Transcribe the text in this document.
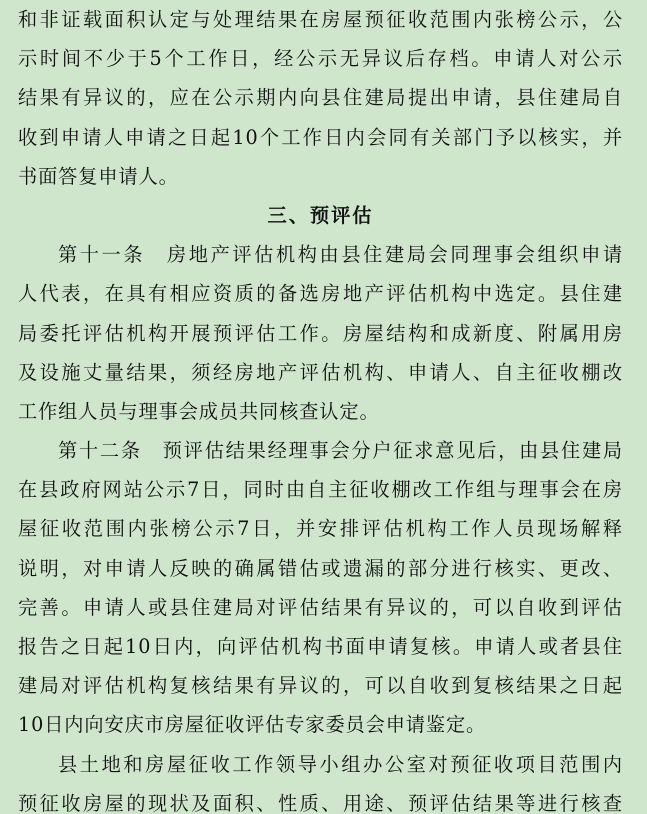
和非证载面积认定与处理结果在房屋预征收范围内张榜公示，公
示时间不少于5个工作日，经公示无异议后存档。申请人对公示
结果有异议的，应在公示期内向县住建局提出申请，县住建局自
收到申请人申请之日起10个工作日内会同有关部门予以核实，并
书面答复申请人。
三、预评估
第十一条　房地产评估机构由县住建局会同理事会组织申请
人代表，在具有相应资质的备选房地产评估机构中选定。县住建
局委托评估机构开展预评估工作。房屋结构和成新度、附属用房
及设施丈量结果，须经房地产评估机构、申请人、自主征收棚改
工作组人员与理事会成员共同核查认定。
第十二条　预评估结果经理事会分户征求意见后，由县住建局
在县政府网站公示7日，同时由自主征收棚改工作组与理事会在房
屋征收范围内张榜公示7日，并安排评估机构工作人员现场解释
说明，对申请人反映的确属错估或遗漏的部分进行核实、更改、
完善。申请人或县住建局对评估结果有异议的，可以自收到评估
报告之日起10日内，向评估机构书面申请复核。申请人或者县住
建局对评估机构复核结果有异议的，可以自收到复核结果之日起
10日内向安庆市房屋征收评估专家委员会申请鉴定。
县土地和房屋征收工作领导小组办公室对预征收项目范围内
预征收房屋的现状及面积、性质、用途、预评估结果等进行核查
